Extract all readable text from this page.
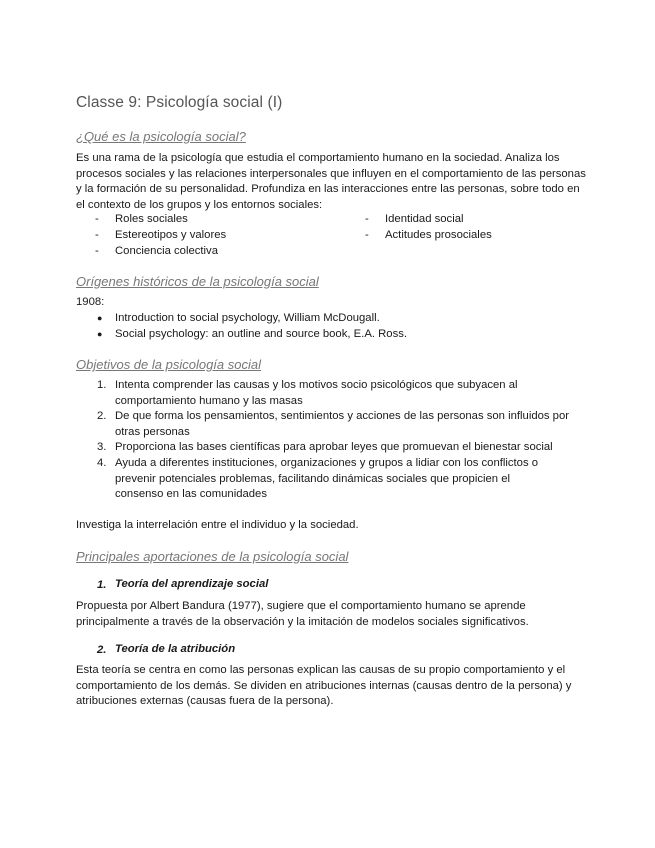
Classe 9: Psicología social (I)
¿Qué es la psicología social?
Es una rama de la psicología que estudia el comportamiento humano en la sociedad. Analiza los procesos sociales y las relaciones interpersonales que influyen en el comportamiento de las personas y la formación de su personalidad. Profundiza en las interacciones entre las personas, sobre todo en el contexto de los grupos y los entornos sociales:
- Roles sociales
- Estereotipos y valores
- Conciencia colectiva
- Identidad social
- Actitudes prosociales
Orígenes históricos de la psicología social
1908:
● Introduction to social psychology, William McDougall.
● Social psychology: an outline and source book, E.A. Ross.
Objetivos de la psicología social
1. Intenta comprender las causas y los motivos socio psicológicos que subyacen al comportamiento humano y las masas
2. De que forma los pensamientos, sentimientos y acciones de las personas son influidos por otras personas
3. Proporciona las bases científicas para aprobar leyes que promuevan el bienestar social
4. Ayuda a diferentes instituciones, organizaciones y grupos a lidiar con los conflictos o prevenir potenciales problemas, facilitando dinámicas sociales que propicien el consenso en las comunidades
Investiga la interrelación entre el individuo y la sociedad.
Principales aportaciones de la psicología social
1. Teoría del aprendizaje social
Propuesta por Albert Bandura (1977), sugiere que el comportamiento humano se aprende principalmente a través de la observación y la imitación de modelos sociales significativos.
2. Teoría de la atribución
Esta teoría se centra en como las personas explican las causas de su propio comportamiento y el comportamiento de los demás. Se dividen en atribuciones internas (causas dentro de la persona) y atribuciones externas (causas fuera de la persona).
